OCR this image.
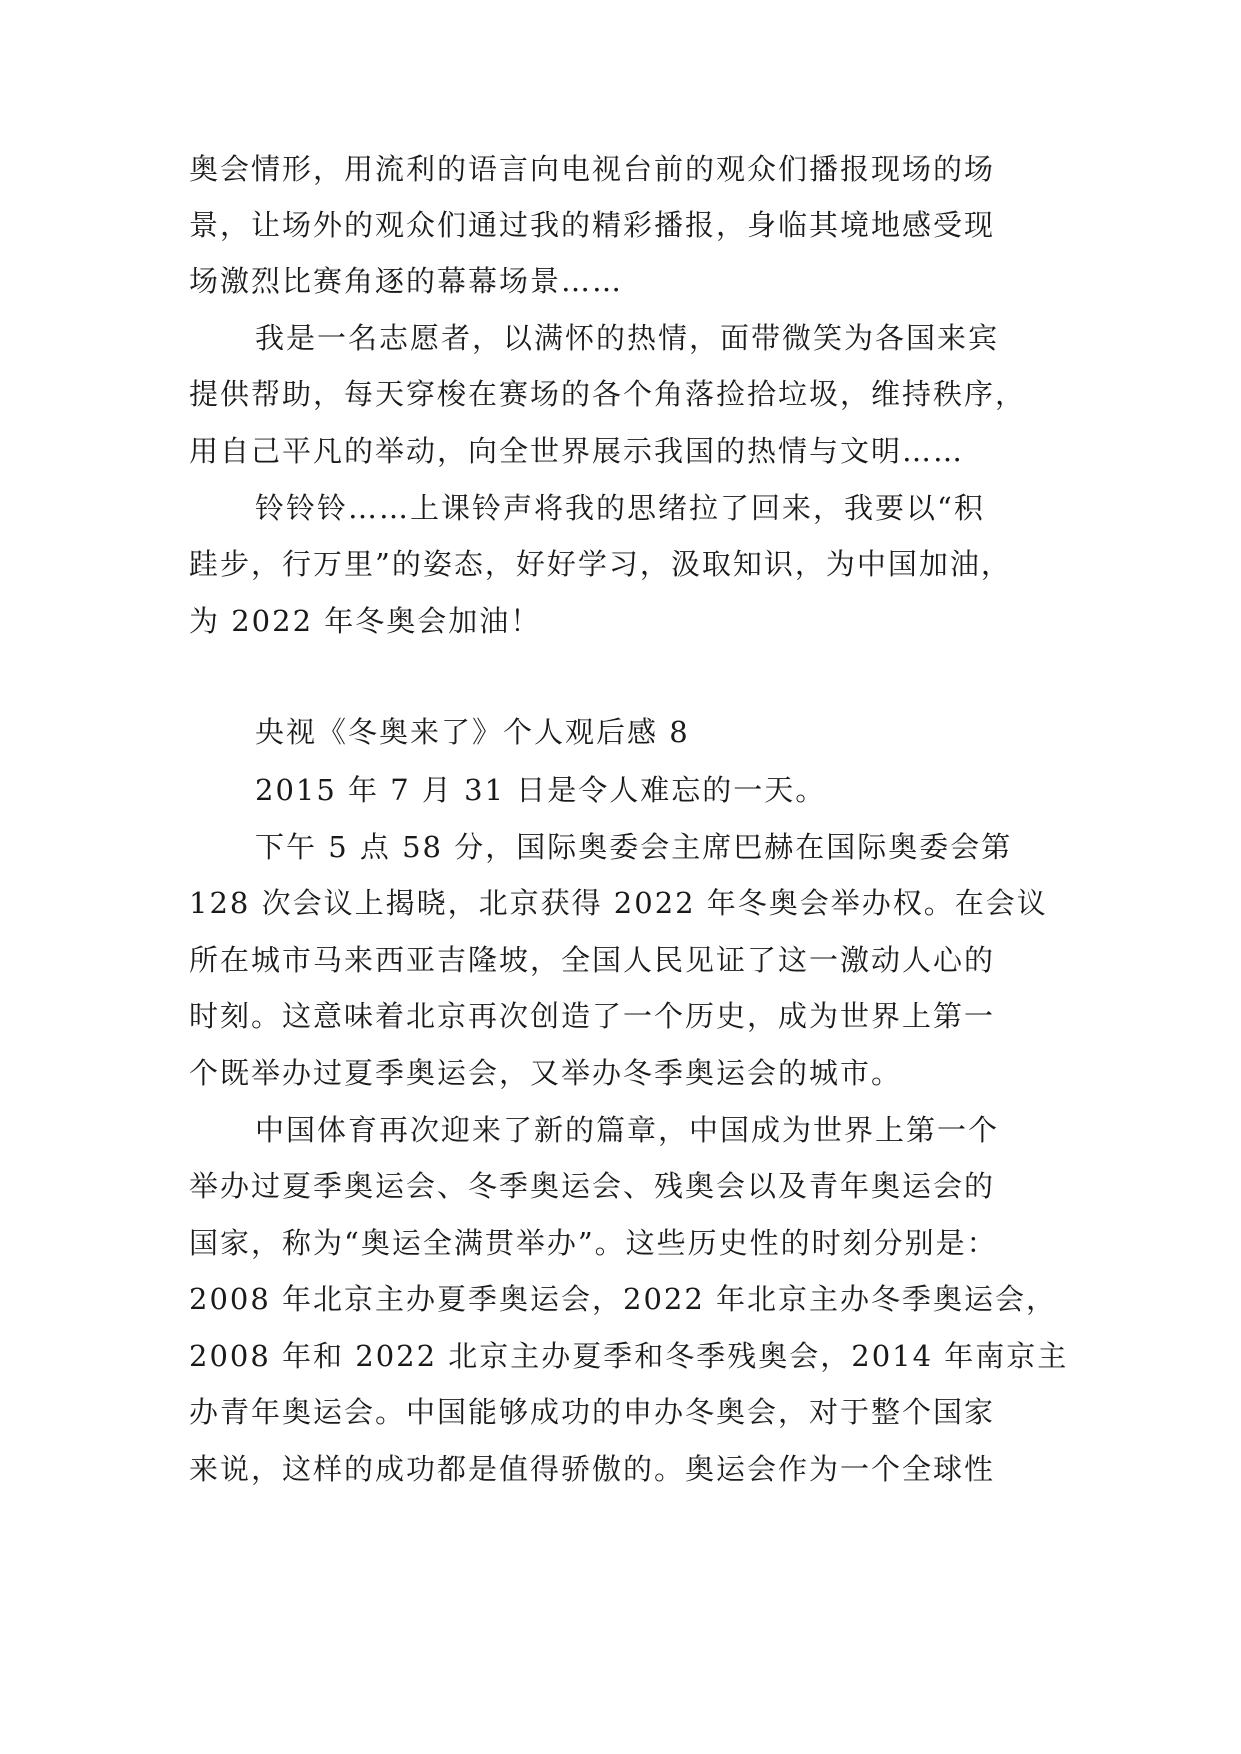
奥会情形，用流利的语言向电视台前的观众们播报现场的场
景，让场外的观众们通过我的精彩播报，身临其境地感受现
场激烈比赛角逐的幕幕场景……
我是一名志愿者，以满怀的热情，面带微笑为各国来宾
提供帮助，每天穿梭在赛场的各个角落捡拾垃圾，维持秩序，
用自己平凡的举动，向全世界展示我国的热情与文明……
铃铃铃……上课铃声将我的思绪拉了回来，我要以“积
跬步，行万里”的姿态，好好学习，汲取知识，为中国加油，
为 2022 年冬奥会加油！
央视《冬奥来了》个人观后感 8
2015 年 7 月 31 日是令人难忘的一天。
下午 5 点 58 分，国际奥委会主席巴赫在国际奥委会第
128 次会议上揭晓，北京获得 2022 年冬奥会举办权。在会议
所在城市马来西亚吉隆坡，全国人民见证了这一激动人心的
时刻。这意味着北京再次创造了一个历史，成为世界上第一
个既举办过夏季奥运会，又举办冬季奥运会的城市。
中国体育再次迎来了新的篇章，中国成为世界上第一个
举办过夏季奥运会、冬季奥运会、残奥会以及青年奥运会的
国家，称为“奥运全满贯举办”。这些历史性的时刻分别是：
2008 年北京主办夏季奥运会，2022 年北京主办冬季奥运会，
2008 年和 2022 北京主办夏季和冬季残奥会，2014 年南京主
办青年奥运会。中国能够成功的申办冬奥会，对于整个国家
来说，这样的成功都是值得骄傲的。奥运会作为一个全球性
